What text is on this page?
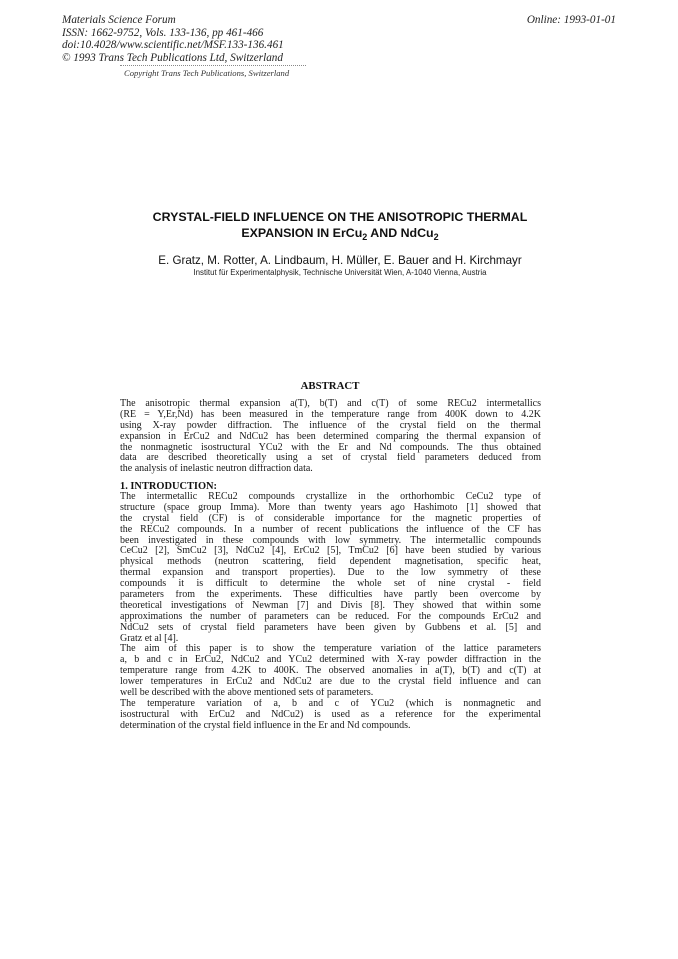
Materials Science Forum
ISSN: 1662-9752, Vols. 133-136, pp 461-466
doi:10.4028/www.scientific.net/MSF.133-136.461
© 1993 Trans Tech Publications Ltd, Switzerland
Online: 1993-01-01
Copyright Trans Tech Publications, Switzerland
CRYSTAL-FIELD INFLUENCE ON THE ANISOTROPIC THERMAL
EXPANSION IN ErCu$_2$ AND NdCu$_2$
E. Gratz, M. Rotter, A. Lindbaum, H. Müller, E. Bauer and H. Kirchmayr
Institut für Experimentalphysik, Technische Universität Wien, A-1040 Vienna, Austria
ABSTRACT
The anisotropic thermal expansion a(T), b(T) and c(T) of some RECu2 intermetallics
(RE = Y,Er,Nd) has been measured in the temperature range from 400K down to 4.2K
using X-ray powder diffraction. The influence of the crystal field on the thermal
expansion in ErCu2 and NdCu2 has been determined comparing the thermal expansion of
the nonmagnetic isostructural YCu2 with the Er and Nd compounds. The thus obtained
data are described theoretically using a set of crystal field parameters deduced from
the analysis of inelastic neutron diffraction data.
1. INTRODUCTION:
The intermetallic RECu2 compounds crystallize in the orthorhombic CeCu2 type of
structure (space group Imma). More than twenty years ago Hashimoto [1] showed that
the crystal field (CF) is of considerable importance for the magnetic properties of
the RECu2 compounds. In a number of recent publications the influence of the CF has
been investigated in these compounds with low symmetry. The intermetallic compounds
CeCu2 [2], SmCu2 [3], NdCu2 [4], ErCu2 [5], TmCu2 [6] have been studied by various
physical methods (neutron scattering, field dependent magnetisation, specific heat,
thermal expansion and transport properties). Due to the low symmetry of these
compounds it is difficult to determine the whole set of nine crystal - field
parameters from the experiments. These difficulties have partly been overcome by
theoretical investigations of Newman [7] and Divis [8]. They showed that within some
approximations the number of parameters can be reduced. For the compounds ErCu2 and
NdCu2 sets of crystal field parameters have been given by Gubbens et al. [5] and
Gratz et al [4].
The aim of this paper is to show the temperature variation of the lattice parameters
a, b and c in ErCu2, NdCu2 and YCu2 determined with X-ray powder diffraction in the
temperature range from 4.2K to 400K. The observed anomalies in a(T), b(T) and c(T) at
lower temperatures in ErCu2 and NdCu2 are due to the crystal field influence and can
well be described with the above mentioned sets of parameters.
The temperature variation of a, b and c of YCu2 (which is nonmagnetic and
isostructural with ErCu2 and NdCu2) is used as a reference for the experimental
determination of the crystal field influence in the Er and Nd compounds.
